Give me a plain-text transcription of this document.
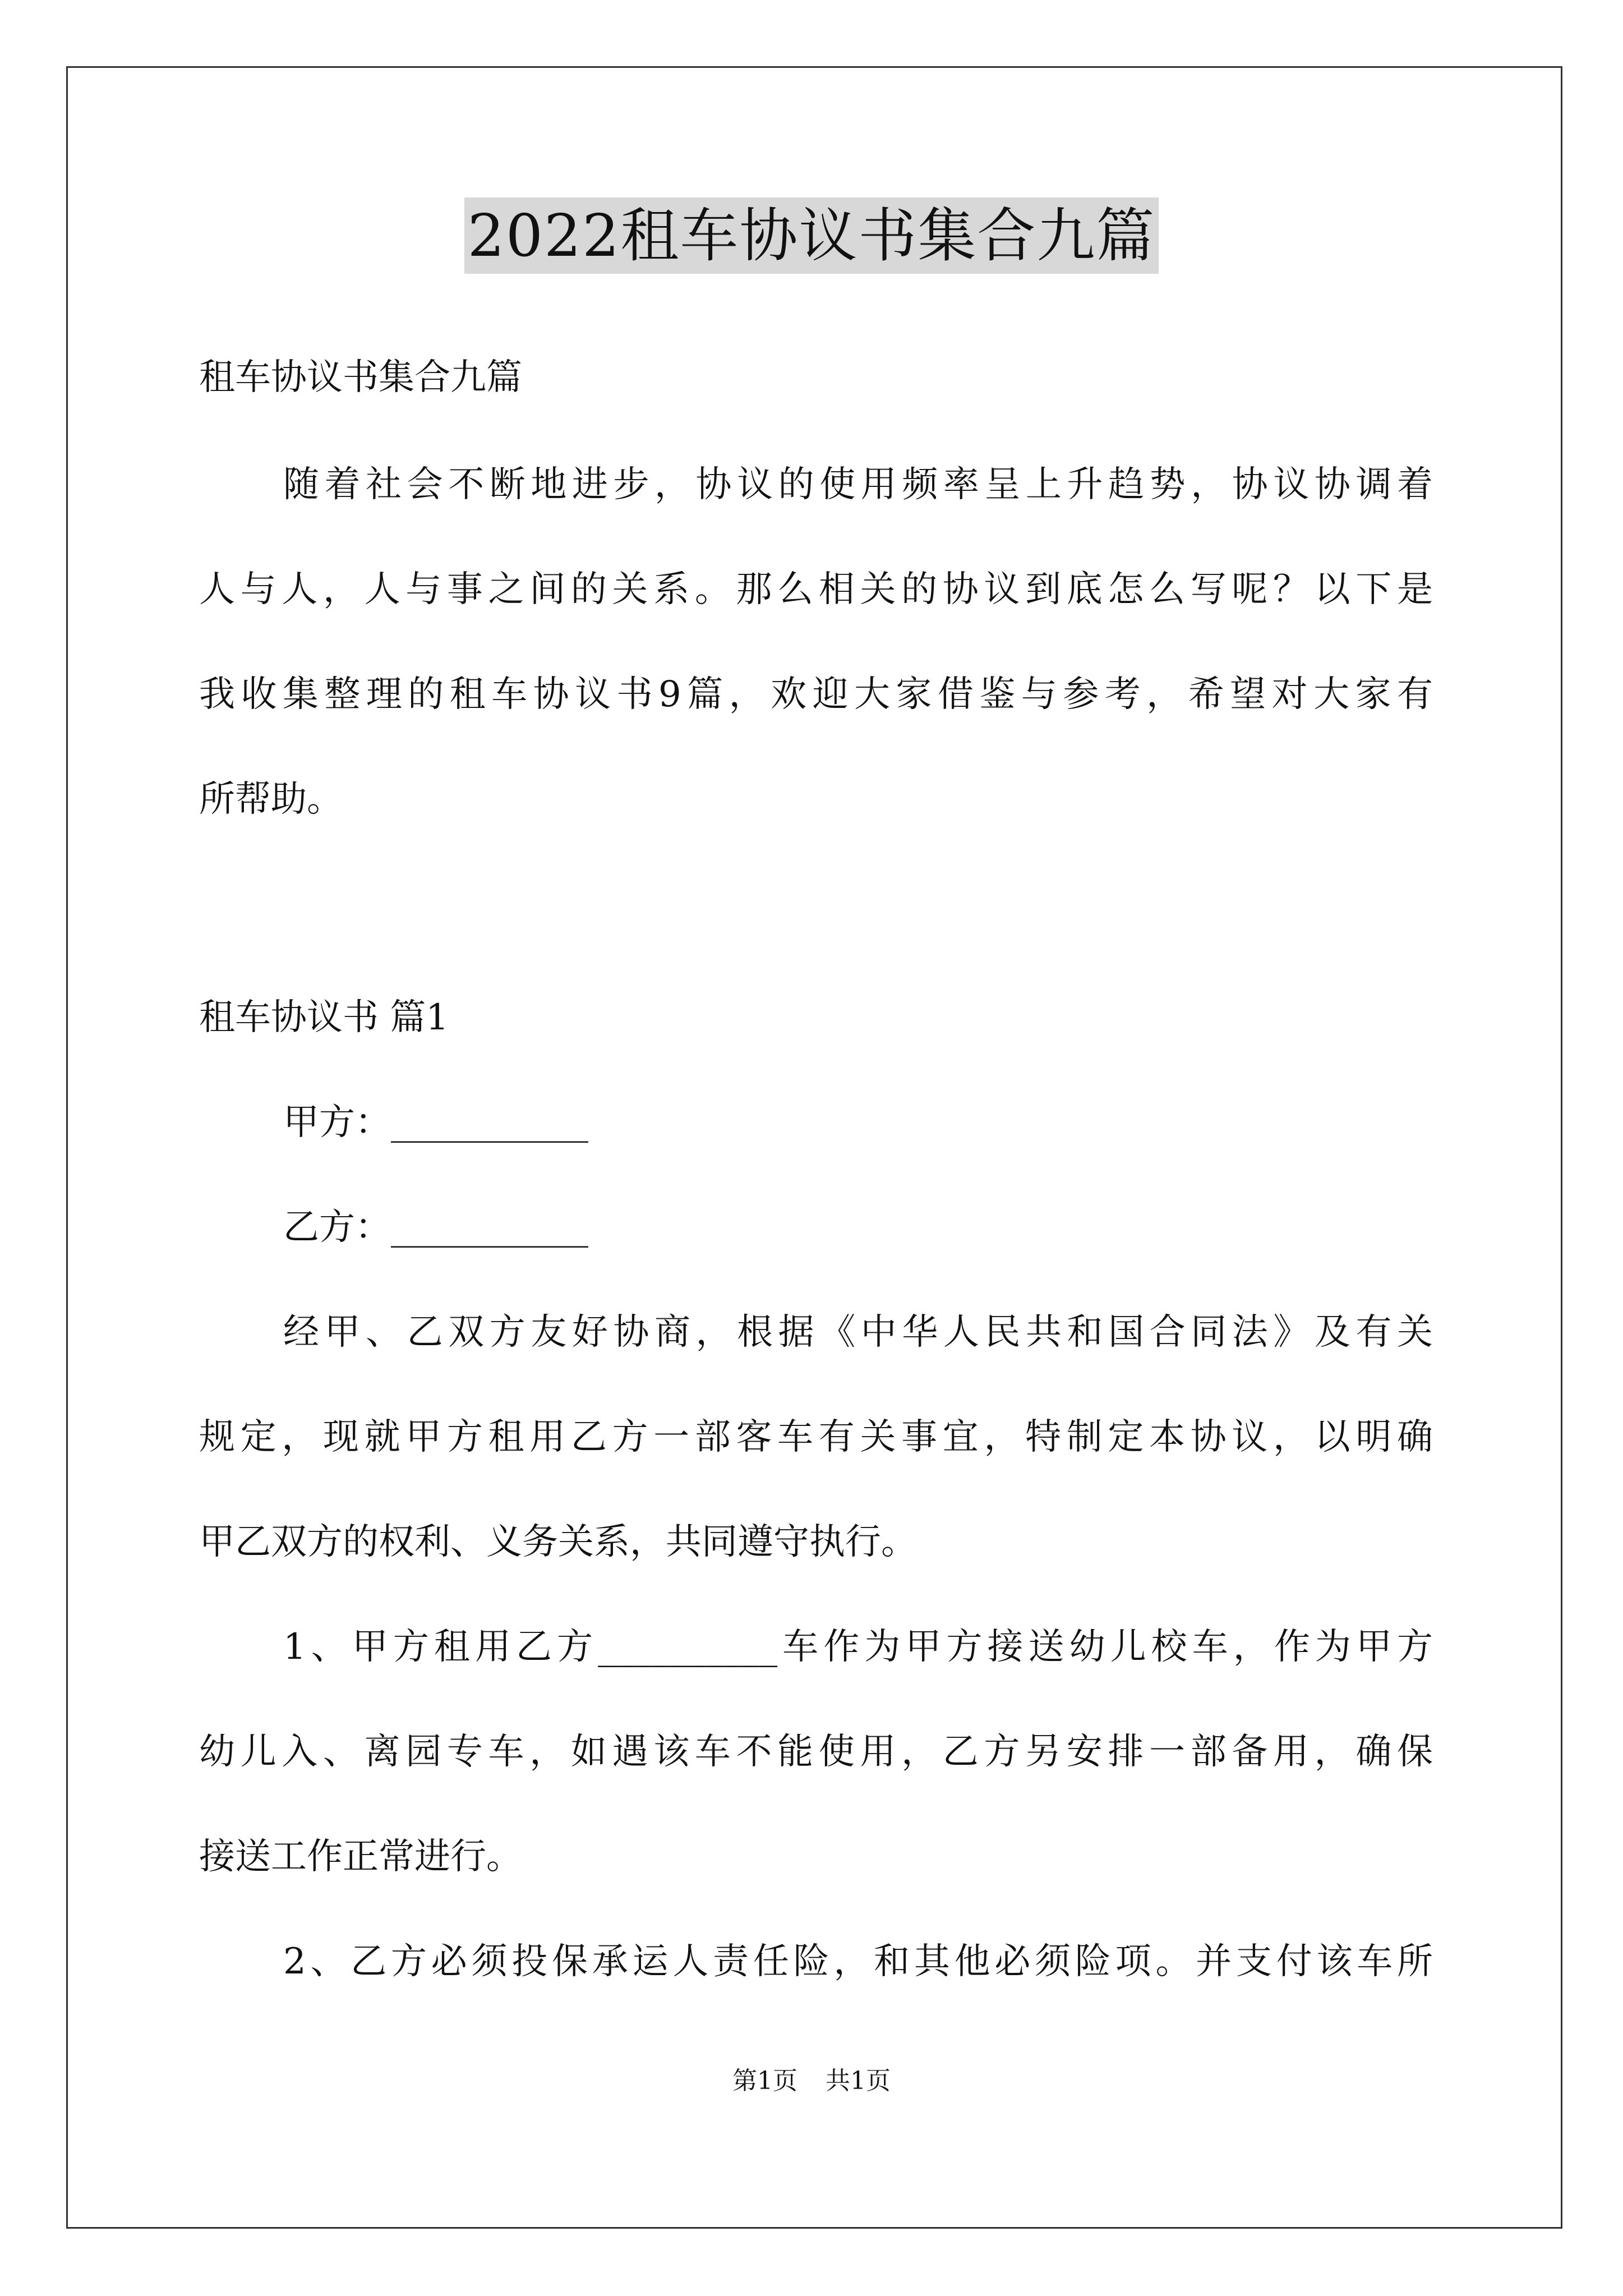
2022租车协议书集合九篇
租车协议书集合九篇
随着社会不断地进步，协议的使用频率呈上升趋势，协议协调着
人与人，人与事之间的关系。那么相关的协议到底怎么写呢？以下是
我收集整理的租车协议书9篇，欢迎大家借鉴与参考，希望对大家有
所帮助。
租车协议书 篇1
甲方：___________
乙方：___________
经甲、乙双方友好协商，根据《中华人民共和国合同法》及有关
规定，现就甲方租用乙方一部客车有关事宜，特制定本协议，以明确
甲乙双方的权利、义务关系，共同遵守执行。
1、甲方租用乙方__________车作为甲方接送幼儿校车，作为甲方
幼儿入、离园专车，如遇该车不能使用，乙方另安排一部备用，确保
接送工作正常进行。
2、乙方必须投保承运人责任险，和其他必须险项。并支付该车所
第1页 共1页
